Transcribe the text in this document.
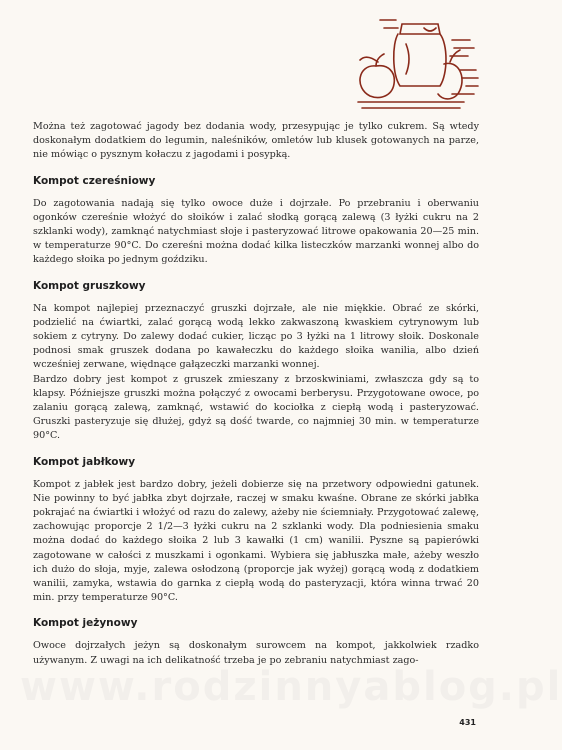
Można też zagotować jagody bez dodania wody, przesypując je tylko cukrem. Są wtedy doskonałym dodatkiem do legumin, naleśników, omletów lub klusek gotowanych na parze, nie mówiąc o pysznym kołaczu z jagodami i posypką.

Kompot czereśniowy

Do zagotowania nadają się tylko owoce duże i dojrzałe. Po przebraniu i oberwaniu ogonków czereśnie włożyć do słoików i zalać słodką gorącą zalewą (3 łyżki cukru na 2 szklanki wody), zamknąć natychmiast słoje i pasteryzować litrowe opakowania 20—25 min. w temperaturze 90°C. Do czereśni można dodać kilka listeczków marzanki wonnej albo do każdego słoika po jednym goździku.

Kompot gruszkowy

Na kompot najlepiej przeznaczyć gruszki dojrzałe, ale nie miękkie. Obrać ze skórki, podzielić na ćwiartki, zalać gorącą wodą lekko zakwaszoną kwaskiem cytrynowym lub sokiem z cytryny. Do zalewy dodać cukier, licząc po 3 łyżki na 1 litrowy słoik. Doskonale podnosi smak gruszek dodana po kawałeczku do każdego słoika wanilia, albo dzień wcześniej zerwane, więdnące gałązeczki marzanki wonnej.

Bardzo dobry jest kompot z gruszek zmieszany z brzoskwiniami, zwłaszcza gdy są to klapsy. Późniejsze gruszki można połączyć z owocami berberysu. Przygotowane owoce, po zalaniu gorącą zalewą, zamknąć, wstawić do kociołka z ciepłą wodą i pasteryzować. Gruszki pasteryzuje się dłużej, gdyż są dość twarde, co najmniej 30 min. w temperaturze 90°C.

Kompot jabłkowy

Kompot z jabłek jest bardzo dobry, jeżeli dobierze się na przetwory odpowiedni gatunek. Nie powinny to być jabłka zbyt dojrzałe, raczej w smaku kwaśne. Obrane ze skórki jabłka pokrajać na ćwiartki i włożyć od razu do zalewy, ażeby nie ściemniały. Przygotować zalewę, zachowując proporcje 2 1/2—3 łyżki cukru na 2 szklanki wody. Dla podniesienia smaku można dodać do każdego słoika 2 lub 3 kawałki (1 cm) wanilii. Pyszne są papierówki zagotowane w całości z muszkami i ogonkami. Wybiera się jabłuszka małe, ażeby weszło ich dużo do słoja, myje, zalewa osłodzoną (proporcje jak wyżej) gorącą wodą z dodatkiem wanilii, zamyka, wstawia do garnka z ciepłą wodą do pasteryzacji, która winna trwać 20 min. przy temperaturze 90°C.

Kompot jeżynowy

Owoce dojrzałych jeżyn są doskonałym surowcem na kompot, jakkolwiek rzadko używanym. Z uwagi na ich delikatność trzeba je po zebraniu natychmiast zago-

www.rodzinnyablog.pl
431
